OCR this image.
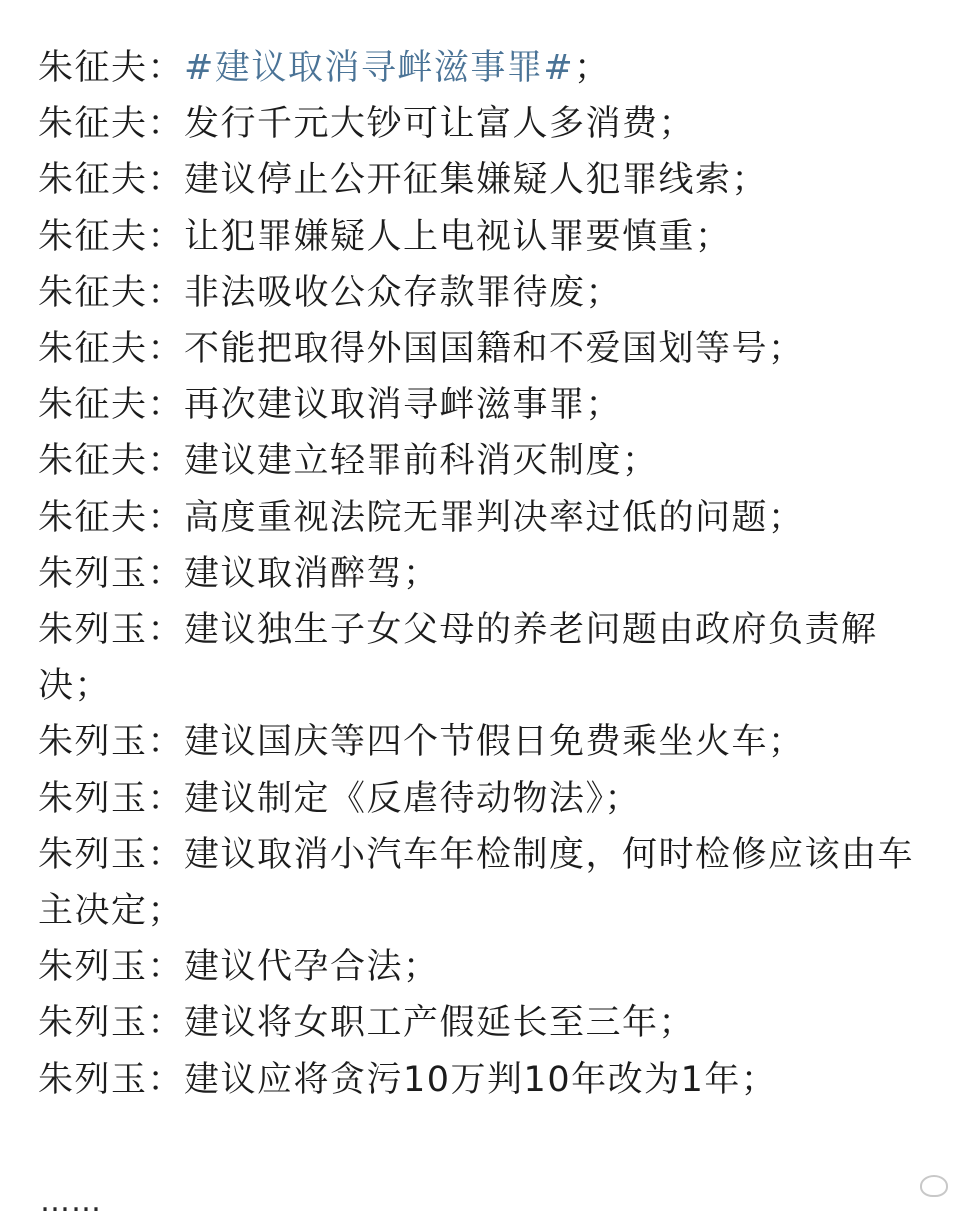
朱征夫：#建议取消寻衅滋事罪#；
朱征夫：发行千元大钞可让富人多消费；
朱征夫：建议停止公开征集嫌疑人犯罪线索；
朱征夫：让犯罪嫌疑人上电视认罪要慎重；
朱征夫：非法吸收公众存款罪待废；
朱征夫：不能把取得外国国籍和不爱国划等号；
朱征夫：再次建议取消寻衅滋事罪；
朱征夫：建议建立轻罪前科消灭制度；
朱征夫：高度重视法院无罪判决率过低的问题；
朱列玉：建议取消醉驾；
朱列玉：建议独生子女父母的养老问题由政府负责解决；
朱列玉：建议国庆等四个节假日免费乘坐火车；
朱列玉：建议制定《反虐待动物法》；
朱列玉：建议取消小汽车年检制度，何时检修应该由车主决定；
朱列玉：建议代孕合法；
朱列玉：建议将女职工产假延长至三年；
朱列玉：建议应将贪污10万判10年改为1年；
……
